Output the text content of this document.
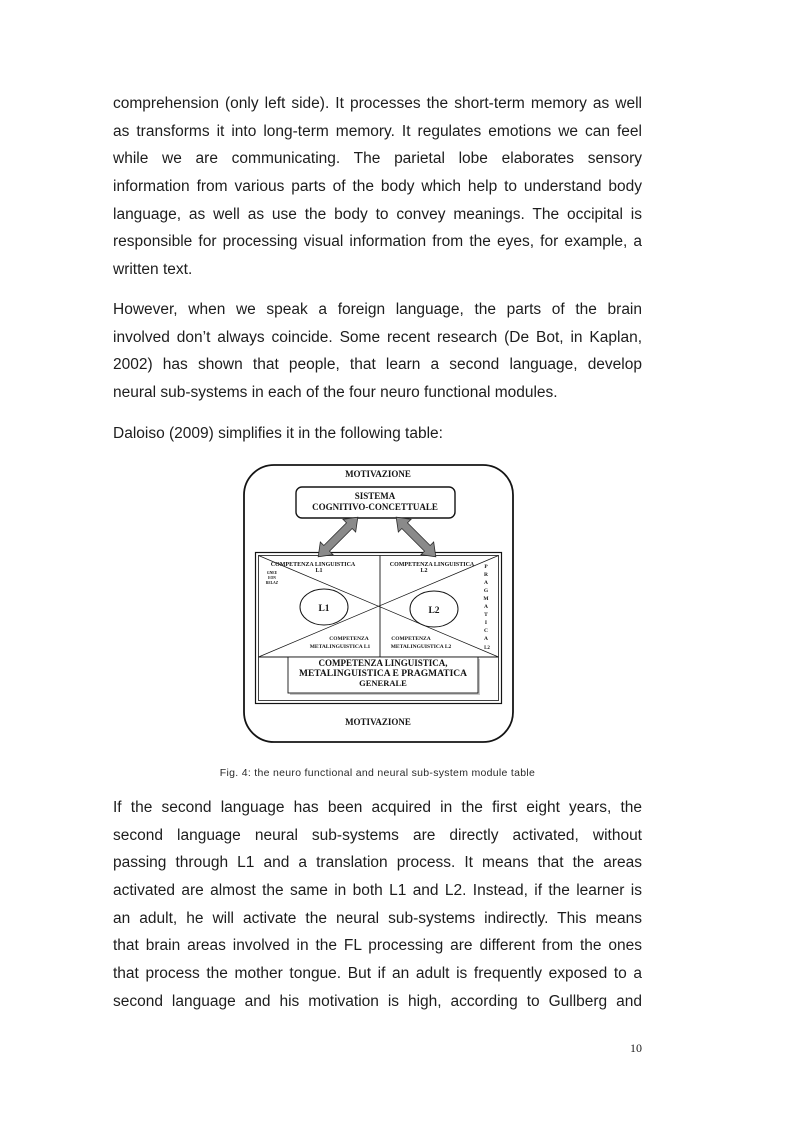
comprehension (only left side). It processes the short-term memory as well
as transforms it into long-term memory. It regulates emotions we can feel
while we are communicating. The parietal lobe elaborates sensory
information from various parts of the body which help to understand body
language, as well as use the body to convey meanings. The occipital is
responsible for processing visual information from the eyes, for example, a
written text.
However, when we speak a foreign language, the parts of the brain
involved don’t always coincide. Some recent research (De Bot, in Kaplan,
2002) has shown that people, that learn a second language, develop
neural sub-systems in each of the four neuro functional modules.
Daloiso (2009) simplifies it in the following table:
MOTIVAZIONE
MOTIVAZIONE
SISTEMA
COGNITIVO-CONCETTUALE
COMPETENZA LINGUISTICA
L1
GNEE
EON
RELAZ
L1
COMPETENZA
METALINGUISTICA L1
COMPETENZA LINGUISTICA
L2
P
R
A
G
M
A
T
I
C
A
L2
L2
COMPETENZA
METALINGUISTICA L2
COMPETENZA LINGUISTICA,
METALINGUISTICA E PRAGMATICA
GENERALE
Fig. 4: the neuro functional and neural sub-system module table
If the second language has been acquired in the first eight years, the
second language neural sub-systems are directly activated, without
passing through L1 and a translation process. It means that the areas
activated are almost the same in both L1 and L2. Instead, if the learner is
an adult, he will activate the neural sub-systems indirectly. This means
that brain areas involved in the FL processing are different from the ones
that process the mother tongue. But if an adult is frequently exposed to a
second language and his motivation is high, according to Gullberg and
10
